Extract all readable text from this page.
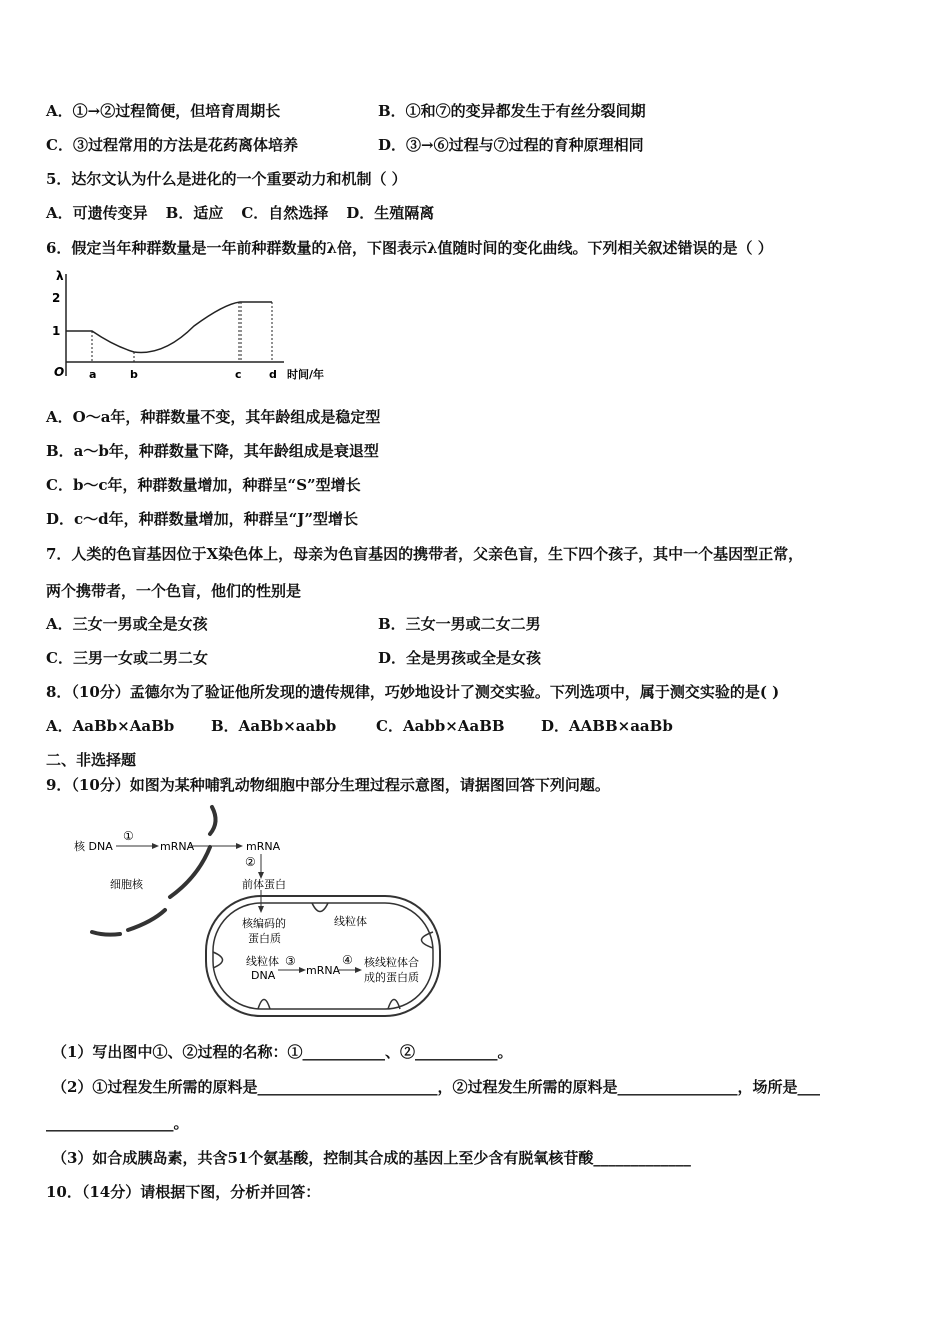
A．①→②过程简便，但培育周期长	B．①和⑦的变异都发生于有丝分裂间期
C．③过程常用的方法是花药离体培养	D．③→⑥过程与⑦过程的育种原理相同
5．达尔文认为什么是进化的一个重要动力和机制（ ）
A．可遗传变异 B．适应 C．自然选择 D．生殖隔离
6．假定当年种群数量是一年前种群数量的λ倍，下图表示λ值随时间的变化曲线。下列相关叙述错误的是（ ）
λ
2
1
O a	b	c d 时间/年
A．O～a年，种群数量不变，其年龄组成是稳定型
B．a～b年，种群数量下降，其年龄组成是衰退型
C．b～c年，种群数量增加，种群呈“S”型增长
D．c～d年，种群数量增加，种群呈“J”型增长
7．人类的色盲基因位于X染色体上，母亲为色盲基因的携带者，父亲色盲，生下四个孩子，其中一个基因型正常，
两个携带者，一个色盲，他们的性别是
A．三女一男或全是女孩	B．三女一男或二女二男
C．三男一女或二男二女	D．全是男孩或全是女孩
8．（10分）孟德尔为了验证他所发现的遗传规律，巧妙地设计了测交实验。下列选项中，属于测交实验的是( )
A．AaBb×AaBb B．AaBb×aabb	C．Aabb×AaBB D．AABB×aaBb
二、非选择题
9．（10分）如图为某种哺乳动物细胞中部分生理过程示意图，请据图回答下列问题。
核 DNA
①
mRNA	mRNA
②
细胞核	前体蛋白
核编码的
蛋白质
线粒体
线粒体
DNA
③
mRNA
④ 核线粒体合
成的蛋白质
（1）写出图中①、②过程的名称：①___________、②___________。
（2）①过程发生所需的原料是________________________，②过程发生所需的原料是________________，场所是___
_________________。
（3）如合成胰岛素，共含51个氨基酸，控制其合成的基因上至少含有脱氧核苷酸_____________
10．（14分）请根据下图，分析并回答：
